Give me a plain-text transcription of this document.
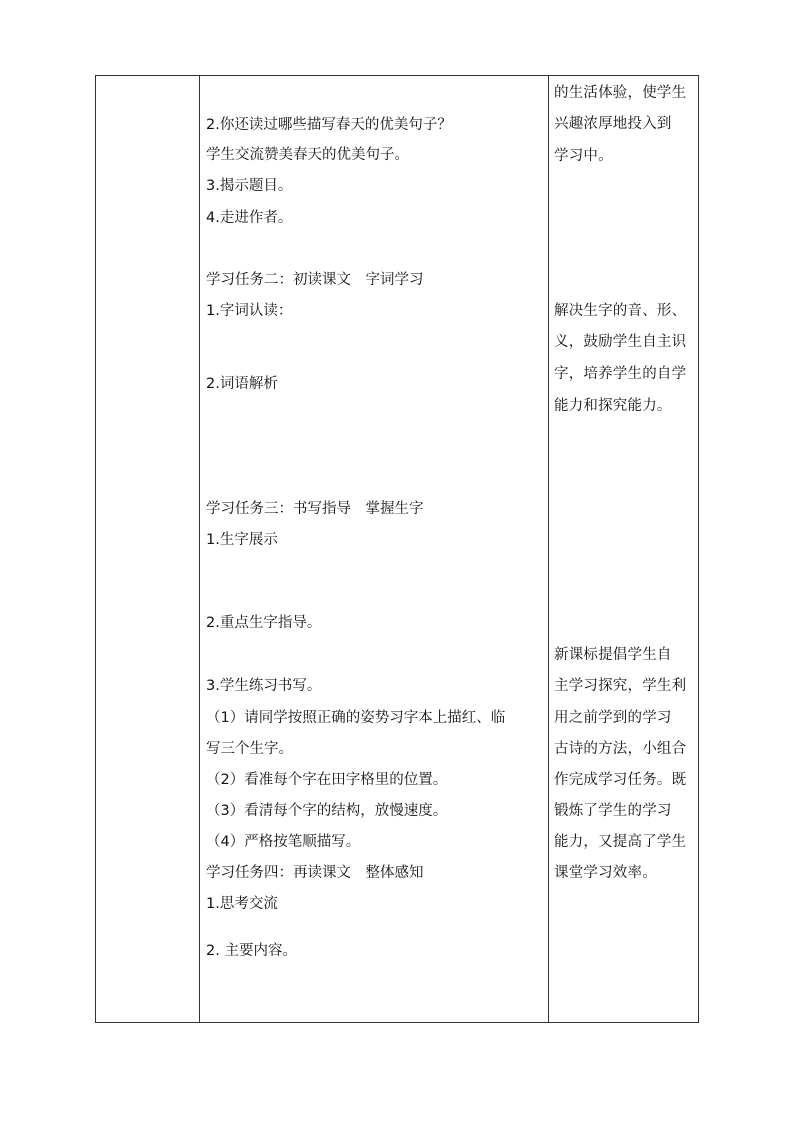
2.你还读过哪些描写春天的优美句子？
学生交流赞美春天的优美句子。
3.揭示题目。
4.走进作者。
学习任务二：初读课文　字词学习
1.字词认读：
2.词语解析
学习任务三：书写指导　掌握生字
1.生字展示
2.重点生字指导。
3.学生练习书写。
（1）请同学按照正确的姿势习字本上描红、临
写三个生字。
（2）看准每个字在田字格里的位置。
（3）看清每个字的结构，放慢速度。
（4）严格按笔顺描写。
学习任务四：再读课文　整体感知
1.思考交流
2. 主要内容。
的生活体验，使学生
兴趣浓厚地投入到
学习中。
解决生字的音、形、
义，鼓励学生自主识
字，培养学生的自学
能力和探究能力。
新课标提倡学生自
主学习探究，学生利
用之前学到的学习
古诗的方法，小组合
作完成学习任务。既
锻炼了学生的学习
能力，又提高了学生
课堂学习效率。
